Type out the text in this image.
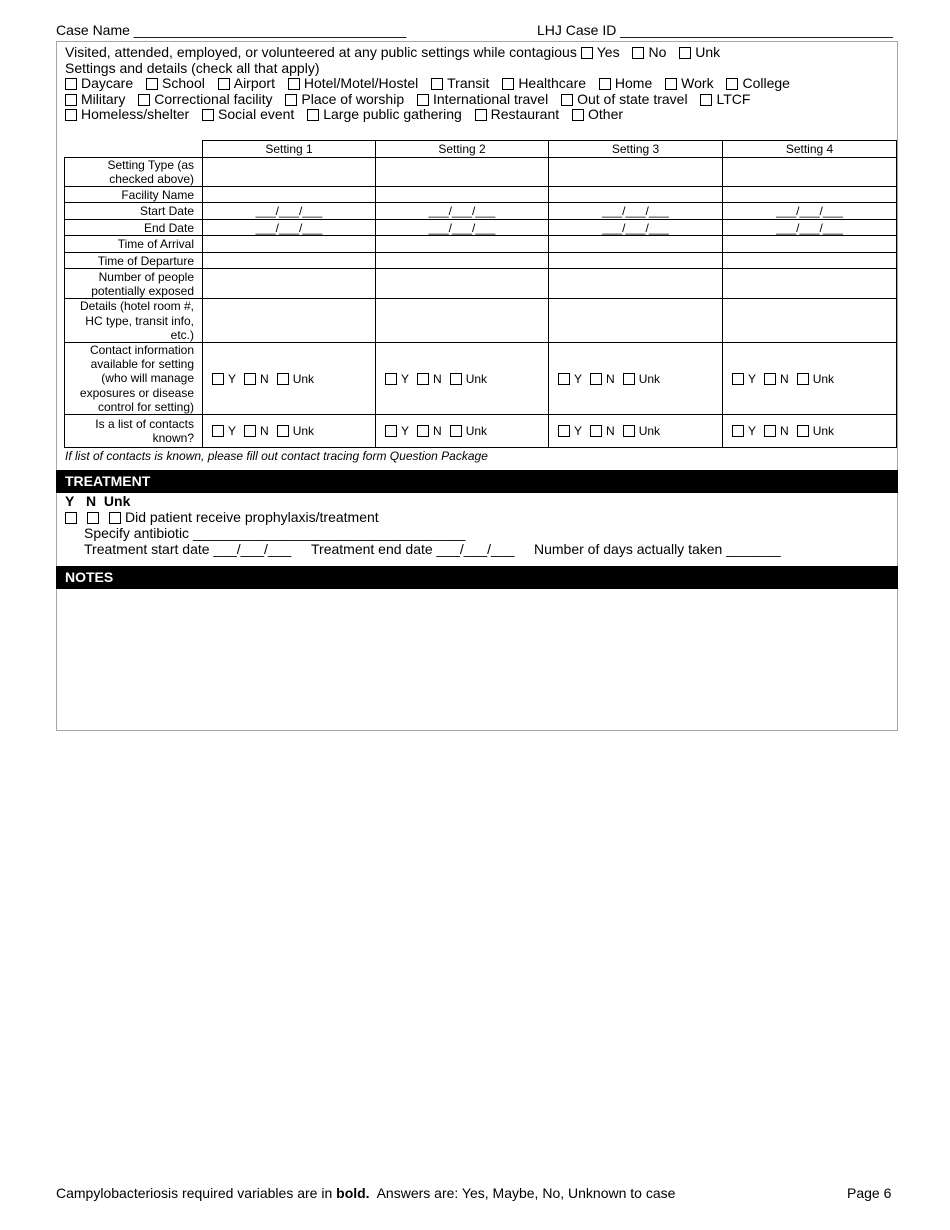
Case Name ___________________________________	LHJ Case ID ___________________________________
Visited, attended, employed, or volunteered at any public settings while contagious Yes No Unk
Settings and details (check all that apply)
Daycare School Airport Hotel/Motel/Hostel Transit Healthcare Home Work College
Military Correctional facility Place of worship International travel Out of state travel LTCF
Homeless/shelter Social event Large public gathering Restaurant Other
	Setting 1	Setting 2	Setting 3	Setting 4
Setting Type (as checked above)				
Facility Name				
Start Date	___/___/___	___/___/___	___/___/___	___/___/___
End Date	___/___/___	___/___/___	___/___/___	___/___/___
Time of Arrival				
Time of Departure				
Number of people potentially exposed				
Details (hotel room #, HC type, transit info, etc.)				
Contact information available for setting (who will manage exposures or disease control for setting)	Y N Unk	Y N Unk	Y N Unk	Y N Unk
Is a list of contacts known?	Y N Unk	Y N Unk	Y N Unk	Y N Unk
If list of contacts is known, please fill out contact tracing form Question Package
TREATMENT
Y N Unk
Did patient receive prophylaxis/treatment
Specify antibiotic ___________________________________
Treatment start date ___/___/___ Treatment end date ___/___/___ Number of days actually taken _______
NOTES
Campylobacteriosis required variables are in bold.  Answers are: Yes, Maybe, No, Unknown to case	Page 6
